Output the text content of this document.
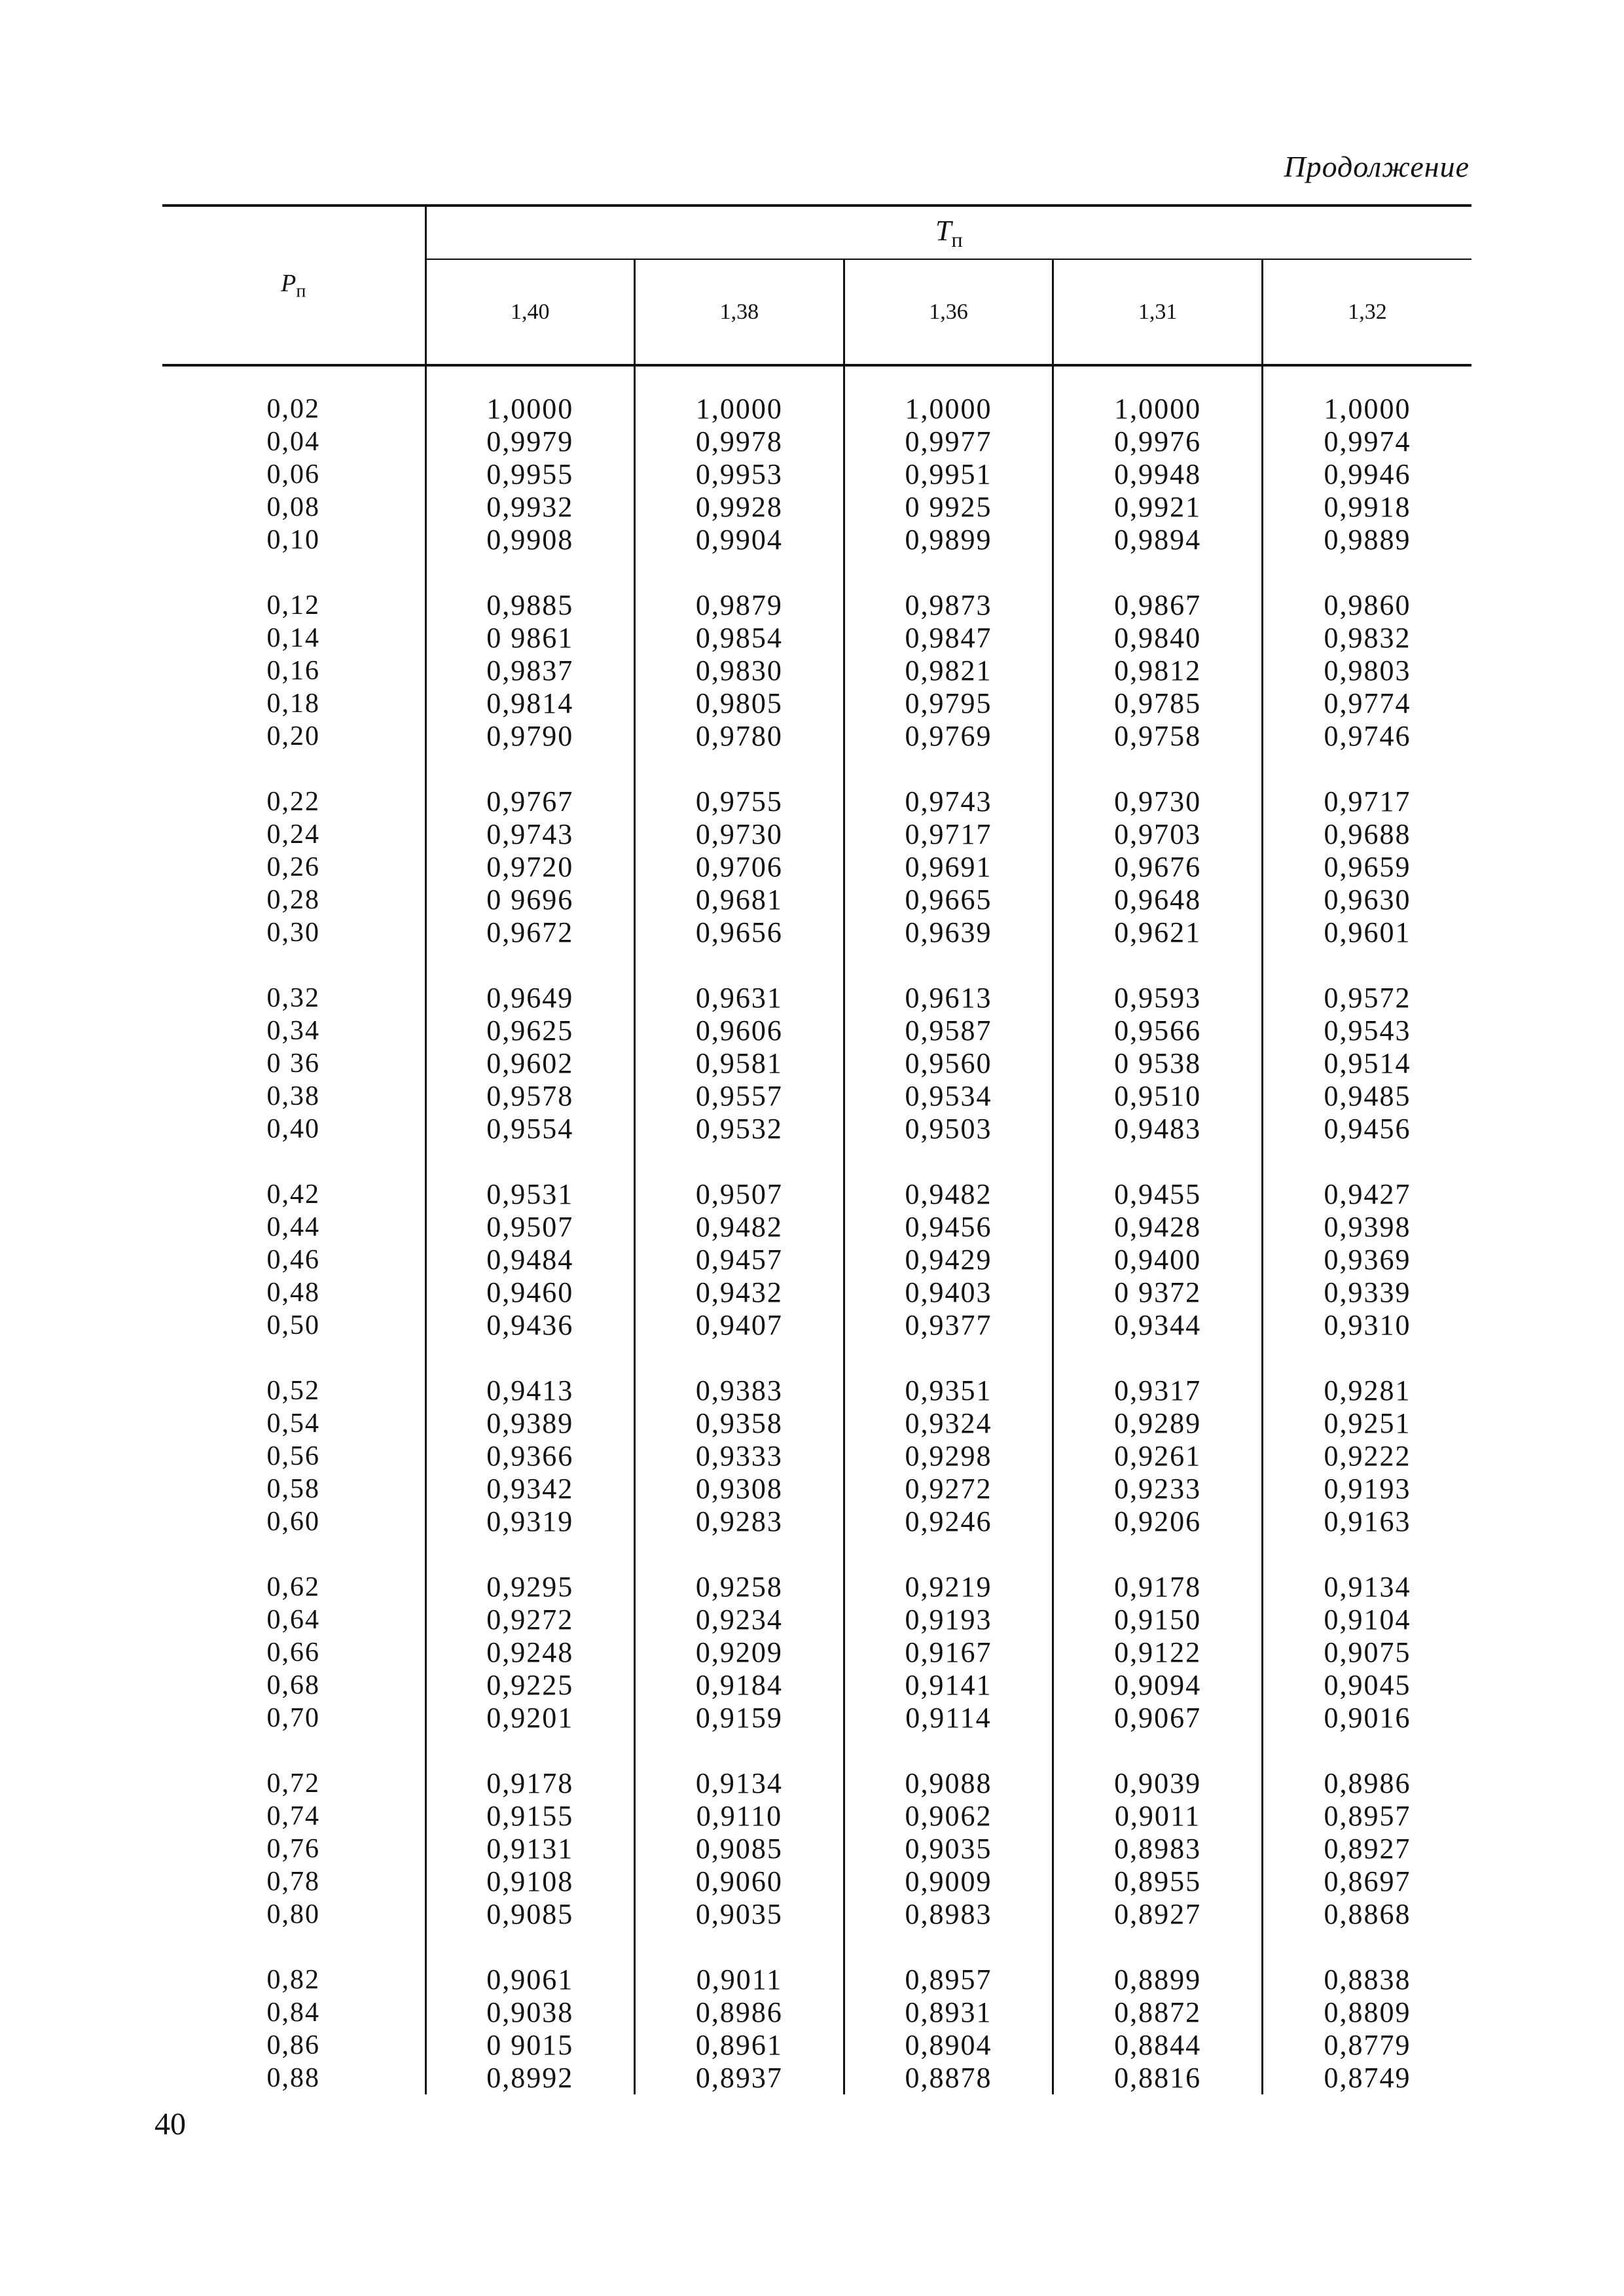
Продолжение
$P_п$	$T_п$
	1,40	1,38	1,36	1,31	1,32
0,02	1,0000	1,0000	1,0000	1,0000	1,0000
0,04	0,9979	0,9978	0,9977	0,9976	0,9974
0,06	0,9955	0,9953	0,9951	0,9948	0,9946
0,08	0,9932	0,9928	0 9925	0,9921	0,9918
0,10	0,9908	0,9904	0,9899	0,9894	0,9889
0,12	0,9885	0,9879	0,9873	0,9867	0,9860
0,14	0 9861	0,9854	0,9847	0,9840	0,9832
0,16	0,9837	0,9830	0,9821	0,9812	0,9803
0,18	0,9814	0,9805	0,9795	0,9785	0,9774
0,20	0,9790	0,9780	0,9769	0,9758	0,9746
0,22	0,9767	0,9755	0,9743	0,9730	0,9717
0,24	0,9743	0,9730	0,9717	0,9703	0,9688
0,26	0,9720	0,9706	0,9691	0,9676	0,9659
0,28	0 9696	0,9681	0,9665	0,9648	0,9630
0,30	0,9672	0,9656	0,9639	0,9621	0,9601
0,32	0,9649	0,9631	0,9613	0,9593	0,9572
0,34	0,9625	0,9606	0,9587	0,9566	0,9543
0 36	0,9602	0,9581	0,9560	0 9538	0,9514
0,38	0,9578	0,9557	0,9534	0,9510	0,9485
0,40	0,9554	0,9532	0,9503	0,9483	0,9456
0,42	0,9531	0,9507	0,9482	0,9455	0,9427
0,44	0,9507	0,9482	0,9456	0,9428	0,9398
0,46	0,9484	0,9457	0,9429	0,9400	0,9369
0,48	0,9460	0,9432	0,9403	0 9372	0,9339
0,50	0,9436	0,9407	0,9377	0,9344	0,9310
0,52	0,9413	0,9383	0,9351	0,9317	0,9281
0,54	0,9389	0,9358	0,9324	0,9289	0,9251
0,56	0,9366	0,9333	0,9298	0,9261	0,9222
0,58	0,9342	0,9308	0,9272	0,9233	0,9193
0,60	0,9319	0,9283	0,9246	0,9206	0,9163
0,62	0,9295	0,9258	0,9219	0,9178	0,9134
0,64	0,9272	0,9234	0,9193	0,9150	0,9104
0,66	0,9248	0,9209	0,9167	0,9122	0,9075
0,68	0,9225	0,9184	0,9141	0,9094	0,9045
0,70	0,9201	0,9159	0,9114	0,9067	0,9016
0,72	0,9178	0,9134	0,9088	0,9039	0,8986
0,74	0,9155	0,9110	0,9062	0,9011	0,8957
0,76	0,9131	0,9085	0,9035	0,8983	0,8927
0,78	0,9108	0,9060	0,9009	0,8955	0,8697
0,80	0,9085	0,9035	0,8983	0,8927	0,8868
0,82	0,9061	0,9011	0,8957	0,8899	0,8838
0,84	0,9038	0,8986	0,8931	0,8872	0,8809
0,86	0 9015	0,8961	0,8904	0,8844	0,8779
0,88	0,8992	0,8937	0,8878	0,8816	0,8749
40
